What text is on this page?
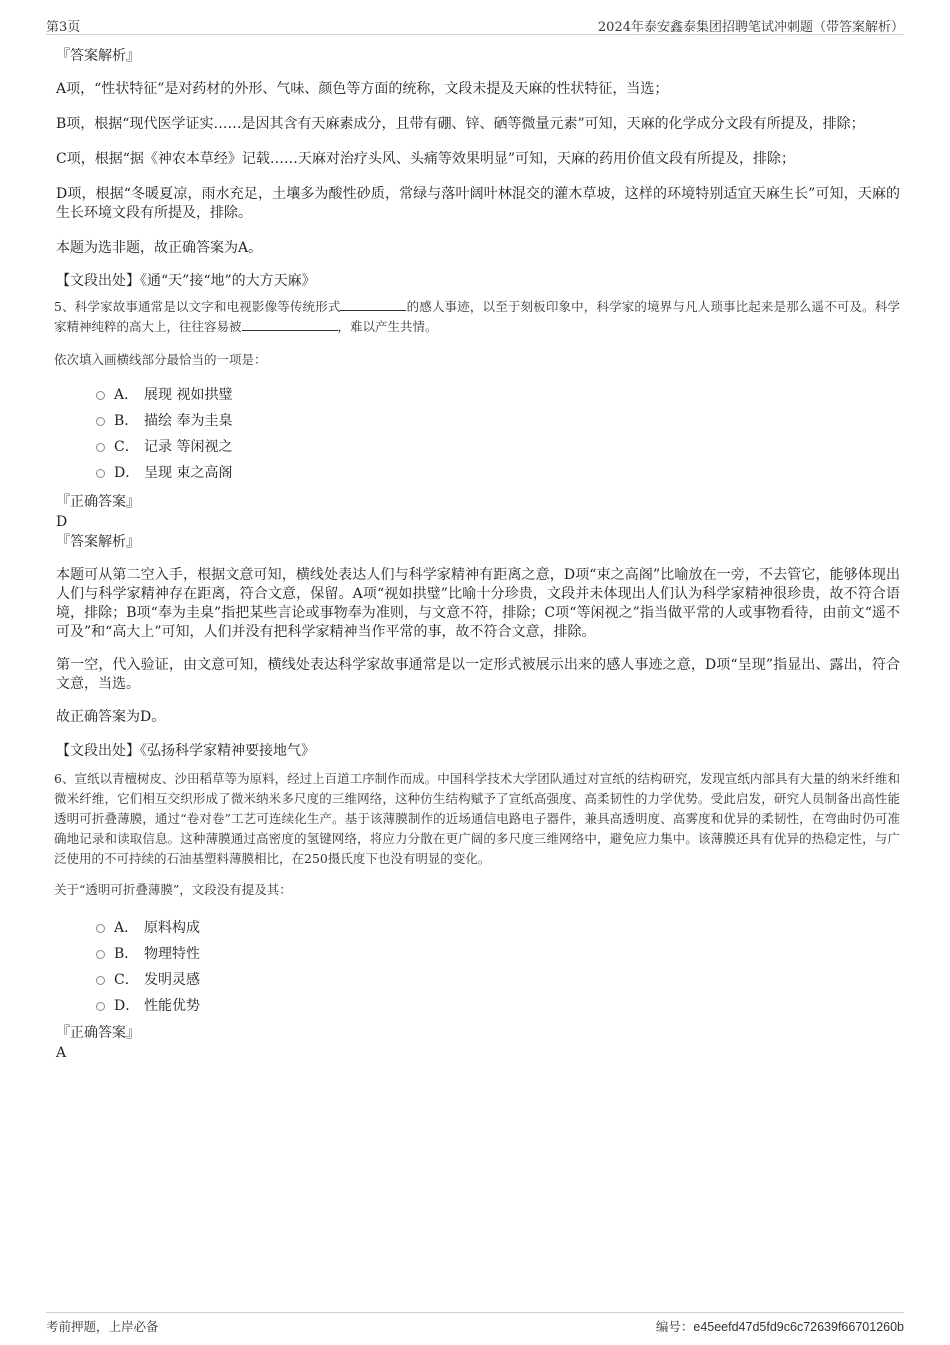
第3页	2024年泰安鑫泰集团招聘笔试冲刺题（带答案解析）

『答案解析』

A项，“性状特征”是对药材的外形、气味、颜色等方面的统称，文段未提及天麻的性状特征，当选；

B项，根据“现代医学证实……是因其含有天麻素成分，且带有硼、锌、硒等微量元素”可知，天麻的化学成分文段有所提及，排除；

C项，根据“据《神农本草经》记载……天麻对治疗头风、头痛等效果明显”可知，天麻的药用价值文段有所提及，排除；

D项，根据“冬暖夏凉，雨水充足，土壤多为酸性砂质，常绿与落叶阔叶林混交的灌木草坡，这样的环境特别适宜天麻生长”可知，天麻的生长环境文段有所提及，排除。

本题为选非题，故正确答案为A。

【文段出处】《通“天”接“地”的大方天麻》

5、科学家故事通常是以文字和电视影像等传统形式	的感人事迹，以至于刻板印象中，科学家的境界与凡人琐事比起来是那么遥不可及。科学家精神纯粹的高大上，往往容易被	，难以产生共情。

依次填入画横线部分最恰当的一项是：

A． 展现 视如拱璧
B． 描绘 奉为圭臬
C． 记录 等闲视之
D． 呈现 束之高阁

『正确答案』

D

『答案解析』

本题可从第二空入手，根据文意可知，横线处表达人们与科学家精神有距离之意，D项“束之高阁”比喻放在一旁，不去管它，能够体现出人们与科学家精神存在距离，符合文意，保留。A项“视如拱璧”比喻十分珍贵，文段并未体现出人们认为科学家精神很珍贵，故不符合语境，排除；B项“奉为圭臬”指把某些言论或事物奉为准则，与文意不符，排除；C项“等闲视之”指当做平常的人或事物看待，由前文“遥不可及”和“高大上”可知，人们并没有把科学家精神当作平常的事，故不符合文意，排除。

第一空，代入验证，由文意可知，横线处表达科学家故事通常是以一定形式被展示出来的感人事迹之意，D项“呈现”指显出、露出，符合文意，当选。

故正确答案为D。

【文段出处】《弘扬科学家精神要接地气》

6、宣纸以青檀树皮、沙田稻草等为原料，经过上百道工序制作而成。中国科学技术大学团队通过对宣纸的结构研究，发现宣纸内部具有大量的纳米纤维和微米纤维，它们相互交织形成了微米纳米多尺度的三维网络，这种仿生结构赋予了宣纸高强度、高柔韧性的力学优势。受此启发，研究人员制备出高性能透明可折叠薄膜，通过“卷对卷”工艺可连续化生产。基于该薄膜制作的近场通信电路电子器件，兼具高透明度、高雾度和优异的柔韧性，在弯曲时仍可准确地记录和读取信息。这种薄膜通过高密度的氢键网络，将应力分散在更广阔的多尺度三维网络中，避免应力集中。该薄膜还具有优异的热稳定性，与广泛使用的不可持续的石油基塑料薄膜相比，在250摄氏度下也没有明显的变化。

关于“透明可折叠薄膜”，文段没有提及其：

A． 原料构成
B． 物理特性
C． 发明灵感
D． 性能优势

『正确答案』

A

考前押题，上岸必备	编号：e45eefd47d5fd9c6c72639f66701260b
